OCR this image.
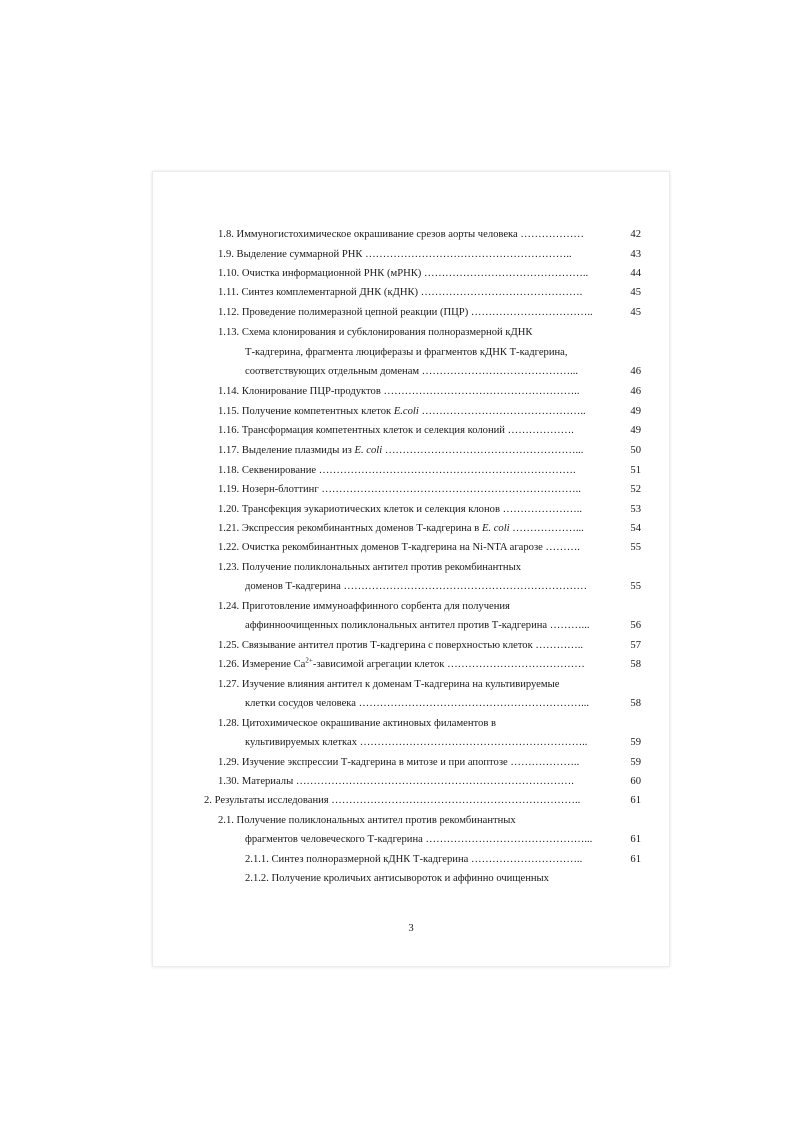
1.8. Иммуногистохимическое окрашивание срезов аорты человека ………………	42
1.9. Выделение суммарной РНК …………………………………………………..	43
1.10. Очистка информационной РНК (мРНК) ………………………………………..	44
1.11. Синтез комплементарной ДНК (кДНК) ……………………………………….	45
1.12. Проведение полимеразной цепной реакции (ПЦР) ……………………………..	45
1.13. Схема клонирования и субклонирования полноразмерной кДНК
Т-кадгерина, фрагмента люциферазы и фрагментов кДНК Т-кадгерина,
соответствующих отдельным доменам ……………………………………...	46
1.14. Клонирование ПЦР-продуктов ………………………………………………..	46
1.15. Получение компетентных клеток E.coli ………………………………………..	49
1.16. Трансформация компетентных клеток и селекция колоний ……………….	49
1.17. Выделение плазмиды из E. coli ………………………………………………...	50
1.18. Секвенирование ……………………………………………………………….	51
1.19. Нозерн-блоттинг ………………………………………………………………..	52
1.20. Трансфекция эукариотических клеток и селекция клонов …………………..	53
1.21. Экспрессия рекомбинантных доменов Т-кадгерина в E. coli ………………...	54
1.22. Очистка рекомбинантных доменов Т-кадгерина на Ni-NTA агарозе ……….	55
1.23. Получение поликлональных антител против рекомбинантных
доменов Т-кадгерина ……………………………………………………………	55
1.24. Приготовление иммуноаффинного сорбента для получения
аффинноочищенных поликлональных антител против Т-кадгерина ………...	56
1.25. Связывание антител против Т-кадгерина с поверхностью клеток …………..	57
1.26. Измерение $Ca^{2+}$-зависимой агрегации клеток …………………………………	58
1.27. Изучение влияния антител к доменам Т-кадгерина на культивируемые
клетки сосудов человека ………………………………………………………...	58
1.28. Цитохимическое окрашивание актиновых филаментов в
культивируемых клетках ………………………………………………………..	59
1.29. Изучение экспрессии Т-кадгерина в митозе и при апоптозе ………………..	59
1.30. Материалы …………………………………………………………………….	60
2. Результаты исследования ……………………………………………………………..	61
2.1. Получение поликлональных антител против рекомбинантных
фрагментов человеческого Т-кадгерина ………………………………………...	61
2.1.1. Синтез полноразмерной кДНК Т-кадгерина …………………………..	61
2.1.2. Получение кроличьих антисывороток и аффинно очищенных
3
